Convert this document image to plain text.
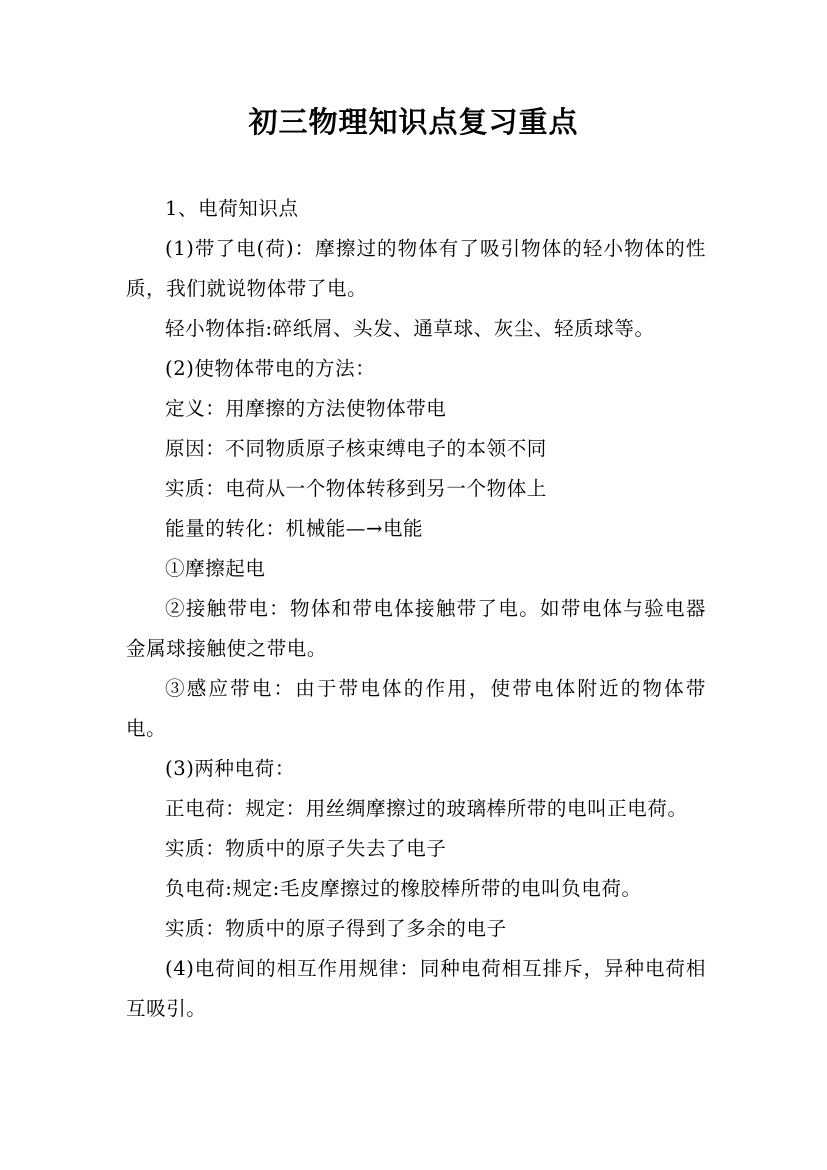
初三物理知识点复习重点

1、电荷知识点

(1)带了电(荷)：摩擦过的物体有了吸引物体的轻小物体的性质，我们就说物体带了电。

轻小物体指:碎纸屑、头发、通草球、灰尘、轻质球等。

(2)使物体带电的方法：

定义：用摩擦的方法使物体带电

原因：不同物质原子核束缚电子的本领不同

实质：电荷从一个物体转移到另一个物体上

能量的转化：机械能—→电能

①摩擦起电

②接触带电：物体和带电体接触带了电。如带电体与验电器金属球接触使之带电。

③感应带电：由于带电体的作用，使带电体附近的物体带电。

(3)两种电荷：

正电荷：规定：用丝绸摩擦过的玻璃棒所带的电叫正电荷。

实质：物质中的原子失去了电子

负电荷:规定:毛皮摩擦过的橡胶棒所带的电叫负电荷。

实质：物质中的原子得到了多余的电子

(4)电荷间的相互作用规律：同种电荷相互排斥，异种电荷相互吸引。
